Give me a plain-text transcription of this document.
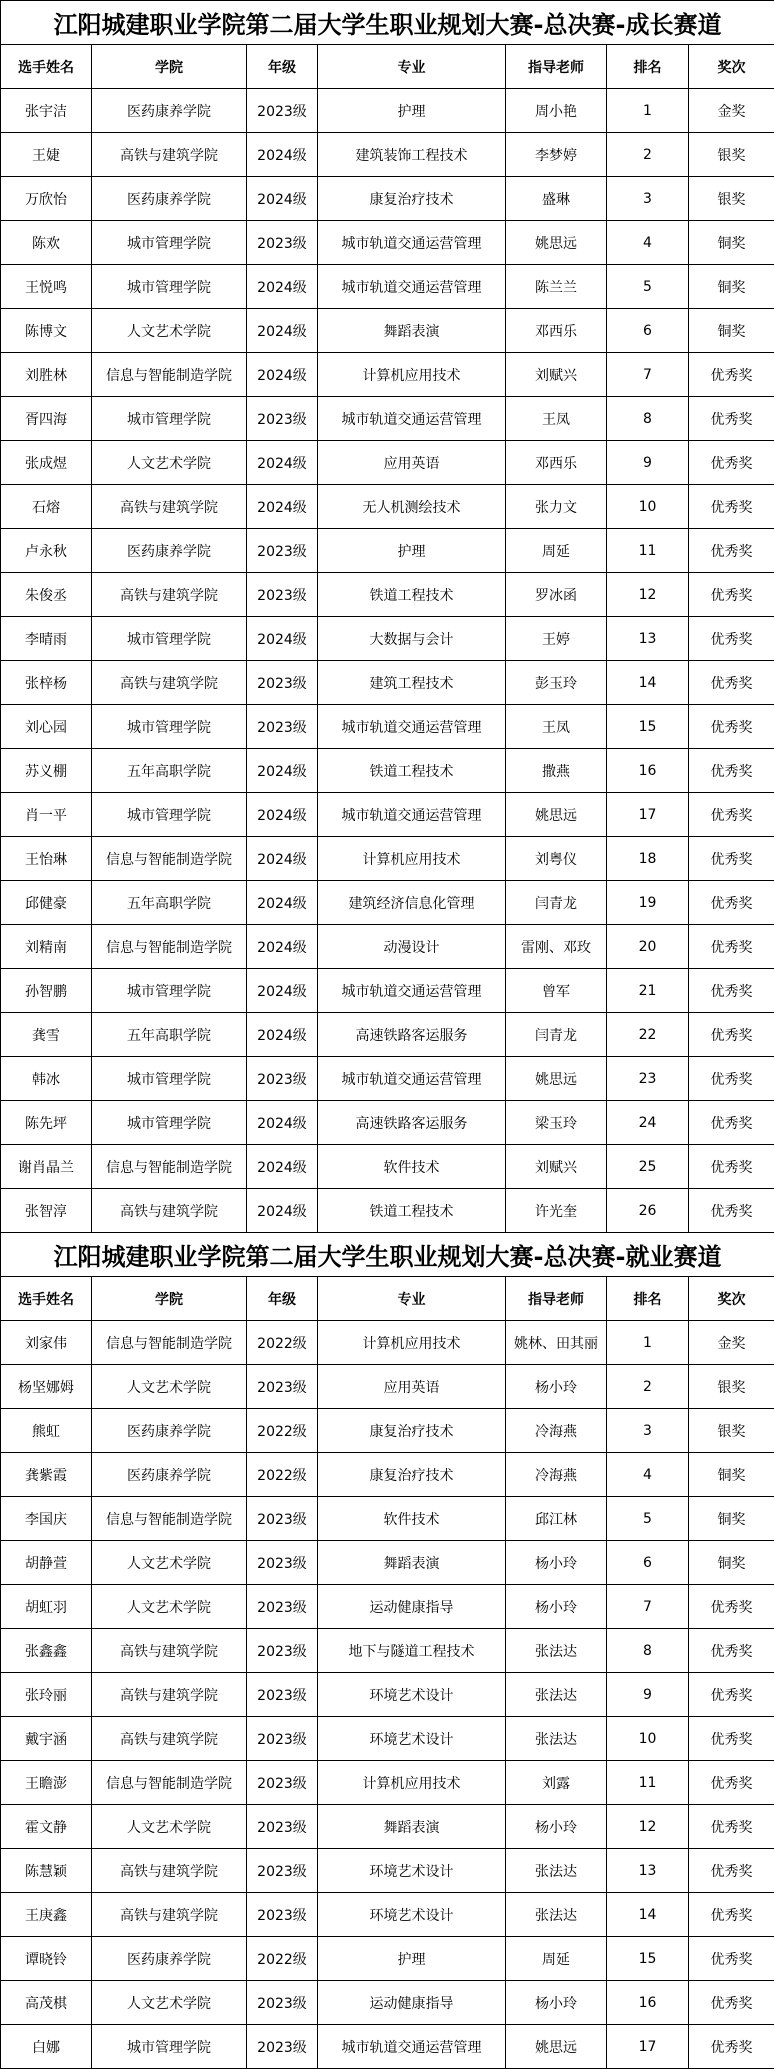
江阳城建职业学院第二届大学生职业规划大赛-总决赛-成长赛道						
选手姓名	学院	年级	专业	指导老师	排名	奖次
张宇洁	医药康养学院	2023级	护理	周小艳	1	金奖
王婕	高铁与建筑学院	2024级	建筑装饰工程技术	李梦婷	2	银奖
万欣怡	医药康养学院	2024级	康复治疗技术	盛琳	3	银奖
陈欢	城市管理学院	2023级	城市轨道交通运营管理	姚思远	4	铜奖
王悦鸣	城市管理学院	2024级	城市轨道交通运营管理	陈兰兰	5	铜奖
陈博文	人文艺术学院	2024级	舞蹈表演	邓西乐	6	铜奖
刘胜林	信息与智能制造学院	2024级	计算机应用技术	刘赋兴	7	优秀奖
胥四海	城市管理学院	2023级	城市轨道交通运营管理	王凤	8	优秀奖
张成煜	人文艺术学院	2024级	应用英语	邓西乐	9	优秀奖
石熔	高铁与建筑学院	2024级	无人机测绘技术	张力文	10	优秀奖
卢永秋	医药康养学院	2023级	护理	周延	11	优秀奖
朱俊丞	高铁与建筑学院	2023级	铁道工程技术	罗冰函	12	优秀奖
李晴雨	城市管理学院	2024级	大数据与会计	王婷	13	优秀奖
张梓杨	高铁与建筑学院	2023级	建筑工程技术	彭玉玲	14	优秀奖
刘心园	城市管理学院	2023级	城市轨道交通运营管理	王凤	15	优秀奖
苏义棚	五年高职学院	2024级	铁道工程技术	撒燕	16	优秀奖
肖一平	城市管理学院	2024级	城市轨道交通运营管理	姚思远	17	优秀奖
王怡琳	信息与智能制造学院	2024级	计算机应用技术	刘粤仪	18	优秀奖
邱健豪	五年高职学院	2024级	建筑经济信息化管理	闫青龙	19	优秀奖
刘精南	信息与智能制造学院	2024级	动漫设计	雷刚、邓玫	20	优秀奖
孙智鹏	城市管理学院	2024级	城市轨道交通运营管理	曾军	21	优秀奖
龚雪	五年高职学院	2024级	高速铁路客运服务	闫青龙	22	优秀奖
韩冰	城市管理学院	2023级	城市轨道交通运营管理	姚思远	23	优秀奖
陈先坪	城市管理学院	2024级	高速铁路客运服务	梁玉玲	24	优秀奖
谢肖晶兰	信息与智能制造学院	2024级	软件技术	刘赋兴	25	优秀奖
张智淳	高铁与建筑学院	2024级	铁道工程技术	许光奎	26	优秀奖
江阳城建职业学院第二届大学生职业规划大赛-总决赛-就业赛道						
选手姓名	学院	年级	专业	指导老师	排名	奖次
刘家伟	信息与智能制造学院	2022级	计算机应用技术	姚林、田其丽	1	金奖
杨坚娜姆	人文艺术学院	2023级	应用英语	杨小玲	2	银奖
熊虹	医药康养学院	2022级	康复治疗技术	冷海燕	3	银奖
龚紫霞	医药康养学院	2022级	康复治疗技术	冷海燕	4	铜奖
李国庆	信息与智能制造学院	2023级	软件技术	邱江林	5	铜奖
胡静萱	人文艺术学院	2023级	舞蹈表演	杨小玲	6	铜奖
胡虹羽	人文艺术学院	2023级	运动健康指导	杨小玲	7	优秀奖
张鑫鑫	高铁与建筑学院	2023级	地下与隧道工程技术	张法达	8	优秀奖
张玲丽	高铁与建筑学院	2023级	环境艺术设计	张法达	9	优秀奖
戴宇涵	高铁与建筑学院	2023级	环境艺术设计	张法达	10	优秀奖
王瞻澎	信息与智能制造学院	2023级	计算机应用技术	刘露	11	优秀奖
霍文静	人文艺术学院	2023级	舞蹈表演	杨小玲	12	优秀奖
陈慧颖	高铁与建筑学院	2023级	环境艺术设计	张法达	13	优秀奖
王庚鑫	高铁与建筑学院	2023级	环境艺术设计	张法达	14	优秀奖
谭晓铃	医药康养学院	2022级	护理	周延	15	优秀奖
高茂棋	人文艺术学院	2023级	运动健康指导	杨小玲	16	优秀奖
白娜	城市管理学院	2023级	城市轨道交通运营管理	姚思远	17	优秀奖
